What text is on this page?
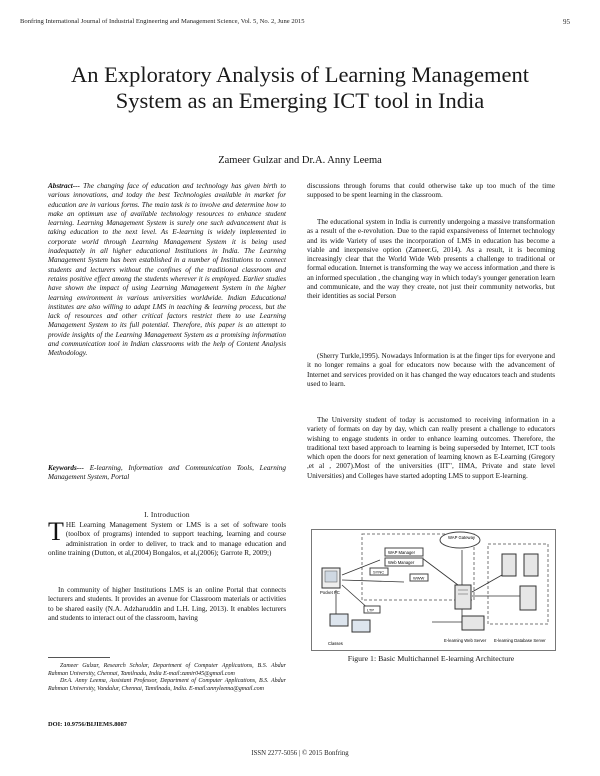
Bonfring International Journal of Industrial Engineering and Management Science, Vol. 5, No. 2, June 2015	95
An Exploratory Analysis of Learning Management System as an Emerging ICT tool in India
Zameer Gulzar and Dr.A. Anny Leema
Abstract--- The changing face of education and technology has given birth to various innovations, and today the best Technologies available in market for education are in various forms. The main task is to involve and determine how to make an optimum use of available technology resources to enhance student learning. Learning Management System is surely one such advancement that is taking education to the next level. As E-learning is widely implemented in corporate world through Learning Management System it is being used inadequately in all higher educational Institutions in India. The Learning Management System has been established in a number of Institutions to connect students and lecturers without the confines of the traditional classroom and retains positive effect among the students wherever it is employed. Earlier studies have shown the impact of using Learning Management System in the higher learning environment in various universities worldwide. Indian Educational institutes are also willing to adapt LMS in teaching & learning process, but the lack of resources and other critical factors restrict them to use Learning Management System to its full potential. Therefore, this paper is an attempt to provide insights of the Learning Management System as a promising information and communication tool in Indian classrooms with the help of Content Analysis Methodology.
Keywords--- E-learning, Information and Communication Tools, Learning Management System, Portal
I. Introduction
THE Learning Management System or LMS is a set of software tools (toolbox of programs) intended to support teaching, learning and course administration in order to deliver, to track and to manage education and online training (Dutton, et al,(2004) Bongalos, et al,(2006); Garrote R, 2009;)
In community of higher Institutions LMS is an online Portal that connects lecturers and students. It provides an avenue for Classroom materials or activities to be shared easily (N.A. Adzharuddin and L.H. Ling, 2013). It enables lecturers and students to interact out of the classroom, having

Zameer Gulzar, Research Scholar, Department of Computer Applications, B.S. Abdur Rahman University, Chennai, Tamilnadu, India E-mail:zamir045@gmail.com

Dr.A. Anny Leema, Assistant Professor, Department of Computer Applications, B.S. Abdur Rahman University, Vandalur, Chennai, Tamilnadu, India. E-mail:annyleema@gmail.com

DOI: 10.9756/BIJIEMS.8087
discussions through forums that could otherwise take up too much of the time supposed to be spent learning in the classroom.
The educational system in India is currently undergoing a massive transformation as a result of the e-revolution. Due to the rapid expansiveness of Internet technology and its wide Variety of uses the incorporation of LMS in education has become a viable and inexpensive option (Zameer.G, 2014). As a result, it is becoming increasingly clear that the World Wide Web presents a challenge to traditional or formal education. Internet is transforming the way we access information ,and there is an informed speculation , the changing way in which today's younger generation learn and communicate, and the way they create, not just their community networks, but their identities as social Person
(Sherry Turkle,1995). Nowadays Information is at the finger tips for everyone and it no longer remains a goal for educators now because with the advancement of Internet and services provided on it has changed the way educators teach and students used to learn.
The University student of today is accustomed to receiving information in a variety of formats on day by day, which can really present a challenge to educators wishing to engage students in order to enhance learning outcomes. Therefore, the traditional text based approach to learning is being superseded by Internet, ICT tools which open the doors for next generation of learning known as E-Learning (Gregory ,et al , 2007).Most of the universities (IIT", IIMA, Private and state level Universities) and Colleges have started adopting LMS to support E-learning.
WAP Gateway
WAP Manager
Web Manager
SYNC
WWW
LTP
Pocket PC
Classes
E-learning Web Server E-learning Database Server
Figure 1: Basic Multichannel E-learning Architecture
ISSN 2277-5056 | © 2015 Bonfring
